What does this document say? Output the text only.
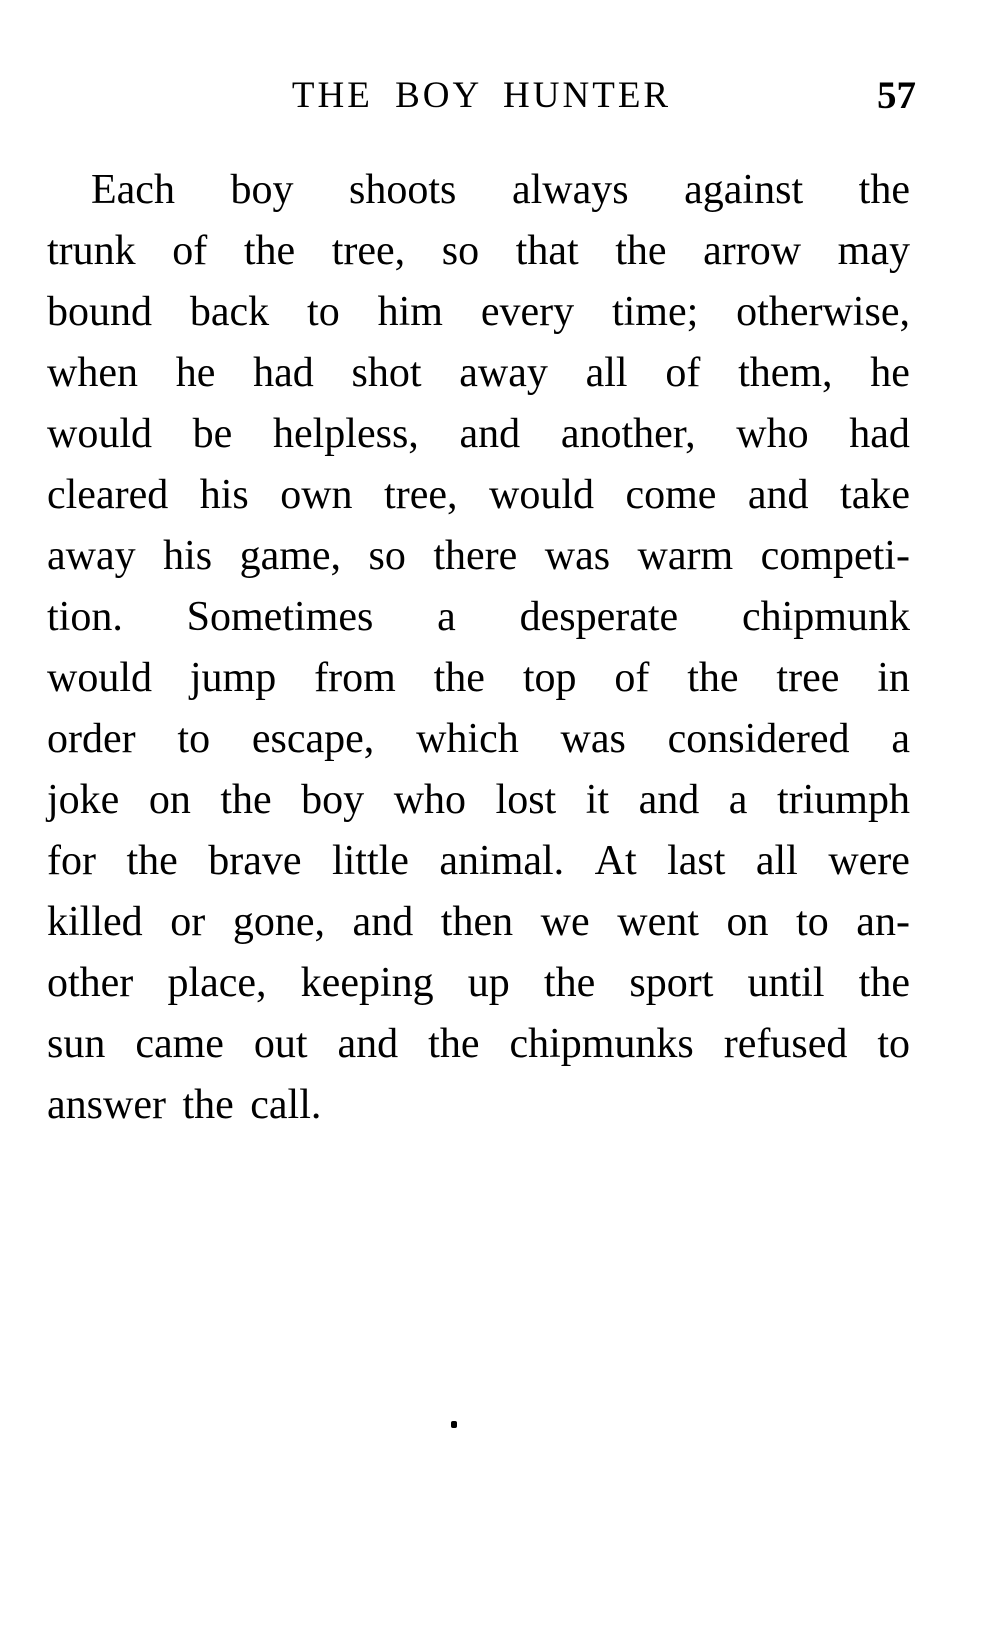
THE BOY HUNTER	57
Each boy shoots always against the
trunk of the tree, so that the arrow may
bound back to him every time; otherwise,
when he had shot away all of them, he
would be helpless, and another, who had
cleared his own tree, would come and take
away his game, so there was warm competi-
tion. Sometimes a desperate chipmunk
would jump from the top of the tree in
order to escape, which was considered a
joke on the boy who lost it and a triumph
for the brave little animal. At last all were
killed or gone, and then we went on to an-
other place, keeping up the sport until the
sun came out and the chipmunks refused to
answer the call.
